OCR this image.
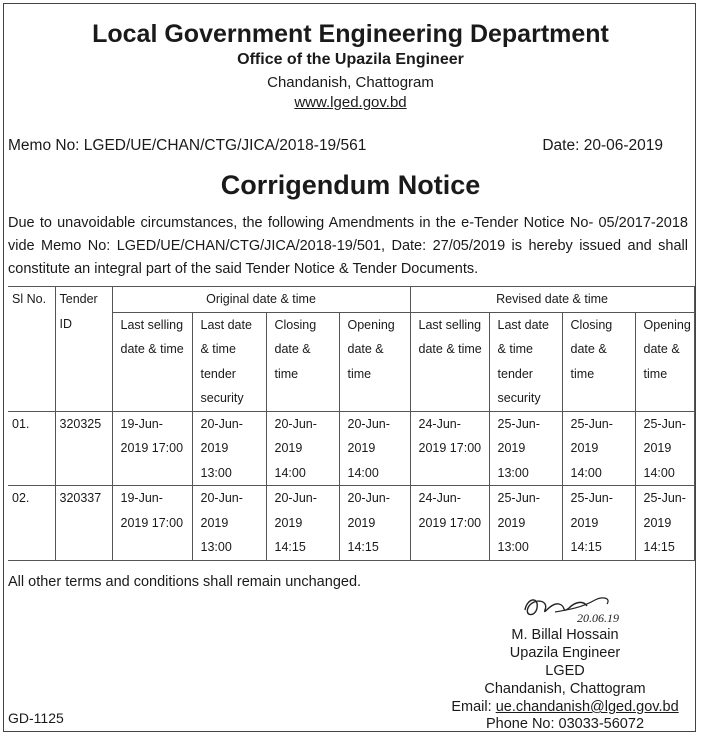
Local Government Engineering Department
Office of the Upazila Engineer
Chandanish, Chattogram
www.lged.gov.bd
Memo No: LGED/UE/CHAN/CTG/JICA/2018-19/561	Date: 20-06-2019
Corrigendum Notice
Due to unavoidable circumstances, the following Amendments in the e-Tender Notice No- 05/2017-2018 vide Memo No: LGED/UE/CHAN/CTG/JICA/2018-19/501, Date: 27/05/2019 is hereby issued and shall constitute an integral part of the said Tender Notice & Tender Documents.
Sl No.	Tender ID	Original date & time				Revised date & time			
		Last selling date & time	Last date & time tender security	Closing date & time	Opening date & time	Last selling date & time	Last date & time tender security	Closing date & time	Opening date & time
01.	320325	19-Jun-2019 17:00	20-Jun-2019 13:00	20-Jun-2019 14:00	20-Jun-2019 14:00	24-Jun-2019 17:00	25-Jun-2019 13:00	25-Jun-2019 14:00	25-Jun-2019 14:00
02.	320337	19-Jun-2019 17:00	20-Jun-2019 13:00	20-Jun-2019 14:15	20-Jun-2019 14:15	24-Jun-2019 17:00	25-Jun-2019 13:00	25-Jun-2019 14:15	25-Jun-2019 14:15
All other terms and conditions shall remain unchanged.
20.06.19
M. Billal Hossain
Upazila Engineer
LGED
Chandanish, Chattogram
Email: ue.chandanish@lged.gov.bd
Phone No: 03033-56072
GD-1125
